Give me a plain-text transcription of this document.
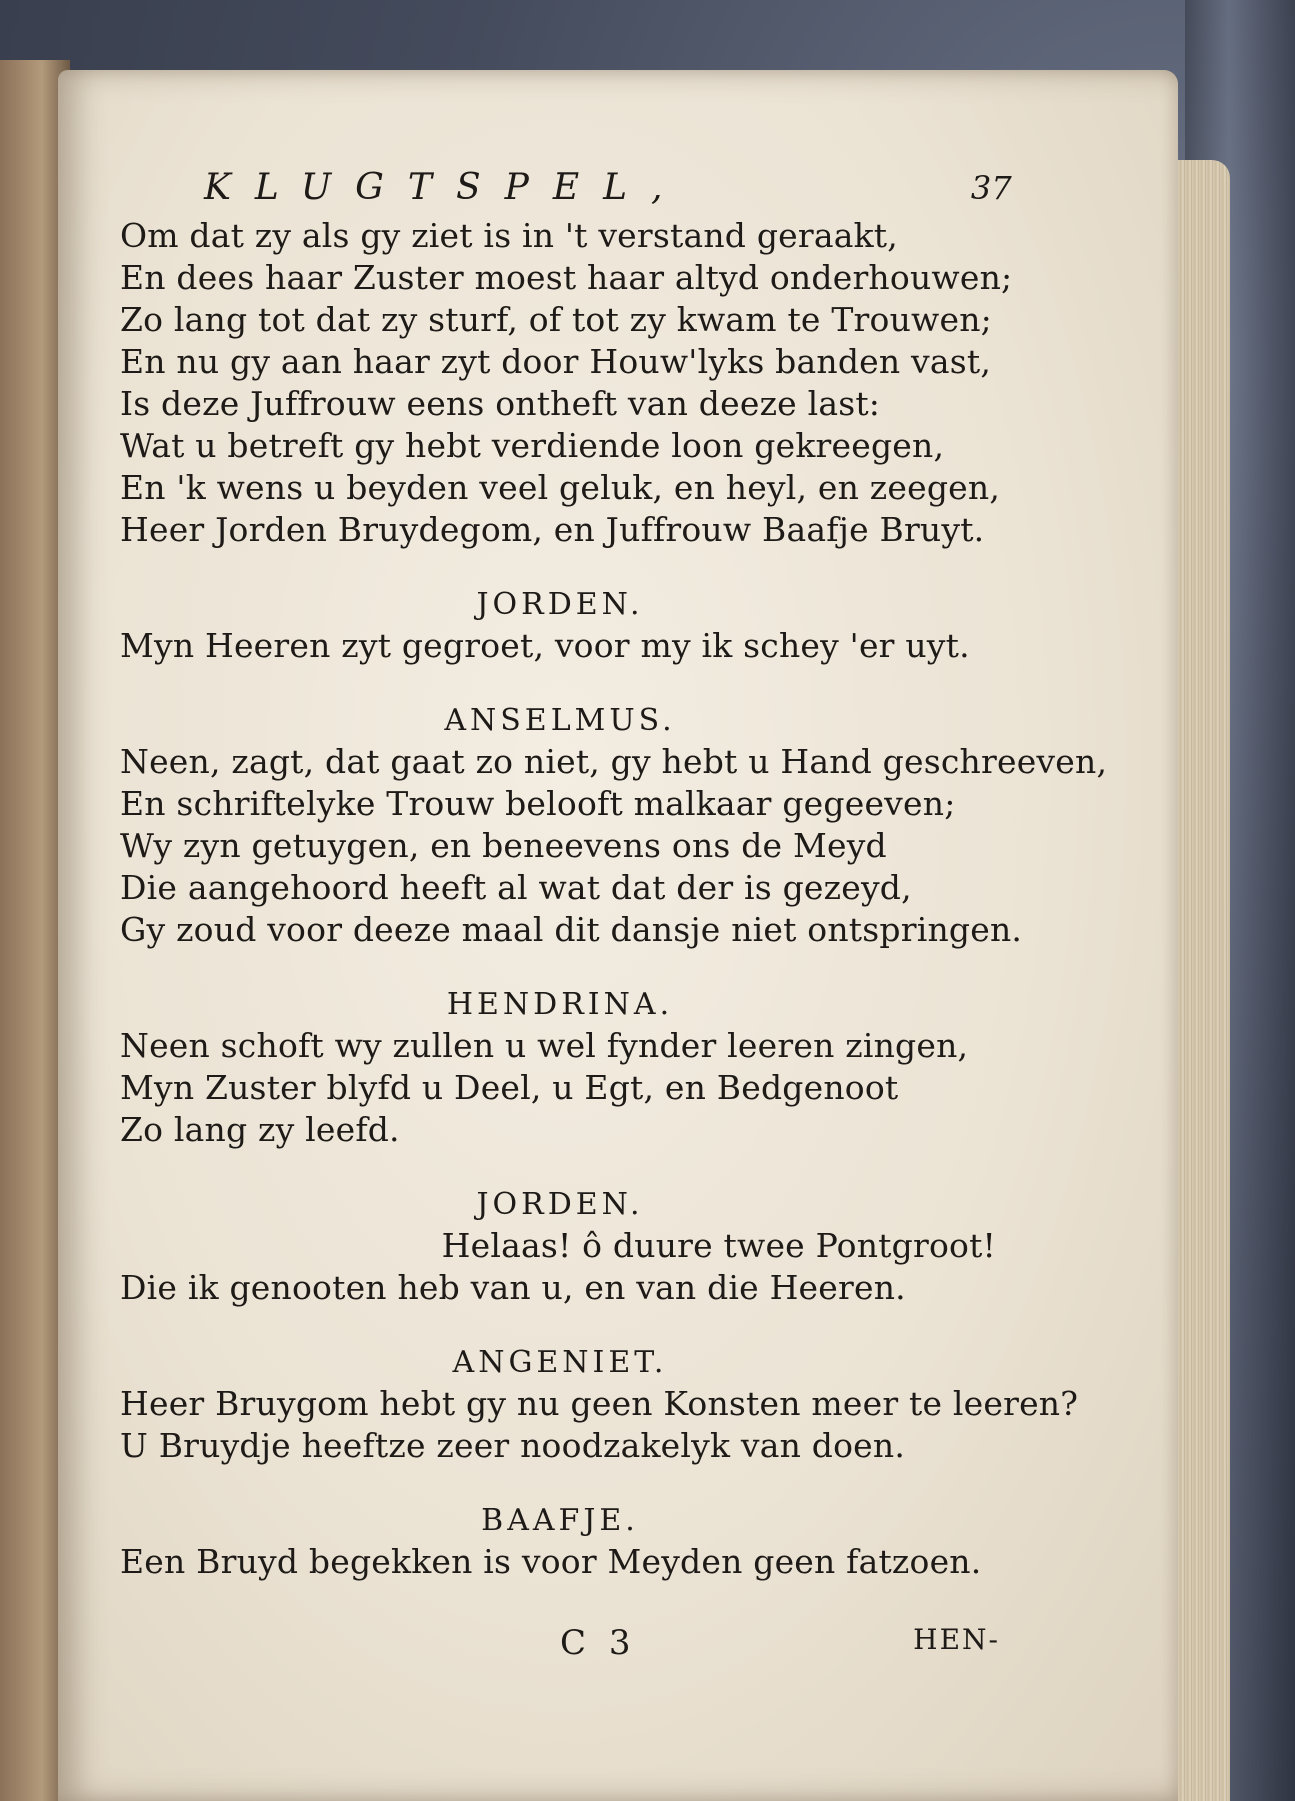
KLUGTSPEL,	37
Om dat zy als gy ziet is in 't verstand geraakt,
En dees haar Zuster moest haar altyd onderhouwen;
Zo lang tot dat zy sturf, of tot zy kwam te Trouwen;
En nu gy aan haar zyt door Houw'lyks banden vast,
Is deze Juffrouw eens ontheft van deeze last:
Wat u betreft gy hebt verdiende loon gekreegen,
En 'k wens u beyden veel geluk, en heyl, en zeegen,
Heer Jorden Bruydegom, en Juffrouw Baafje Bruyt.
JORDEN.
Myn Heeren zyt gegroet, voor my ik schey 'er uyt.
ANSELMUS.
Neen, zagt, dat gaat zo niet, gy hebt u Hand geschreeven,
En schriftelyke Trouw belooft malkaar gegeeven;
Wy zyn getuygen, en beneevens ons de Meyd
Die aangehoord heeft al wat dat der is gezeyd,
Gy zoud voor deeze maal dit dansje niet ontspringen.
HENDRINA.
Neen schoft wy zullen u wel fynder leeren zingen,
Myn Zuster blyfd u Deel, u Egt, en Bedgenoot
Zo lang zy leefd.
JORDEN.
Helaas! ô duure twee Pontgroot!
Die ik genooten heb van u, en van die Heeren.
ANGENIET.
Heer Bruygom hebt gy nu geen Konsten meer te leeren?
U Bruydje heeftze zeer noodzakelyk van doen.
BAAFJE.
Een Bruyd begekken is voor Meyden geen fatzoen.
C 3	HEN-
